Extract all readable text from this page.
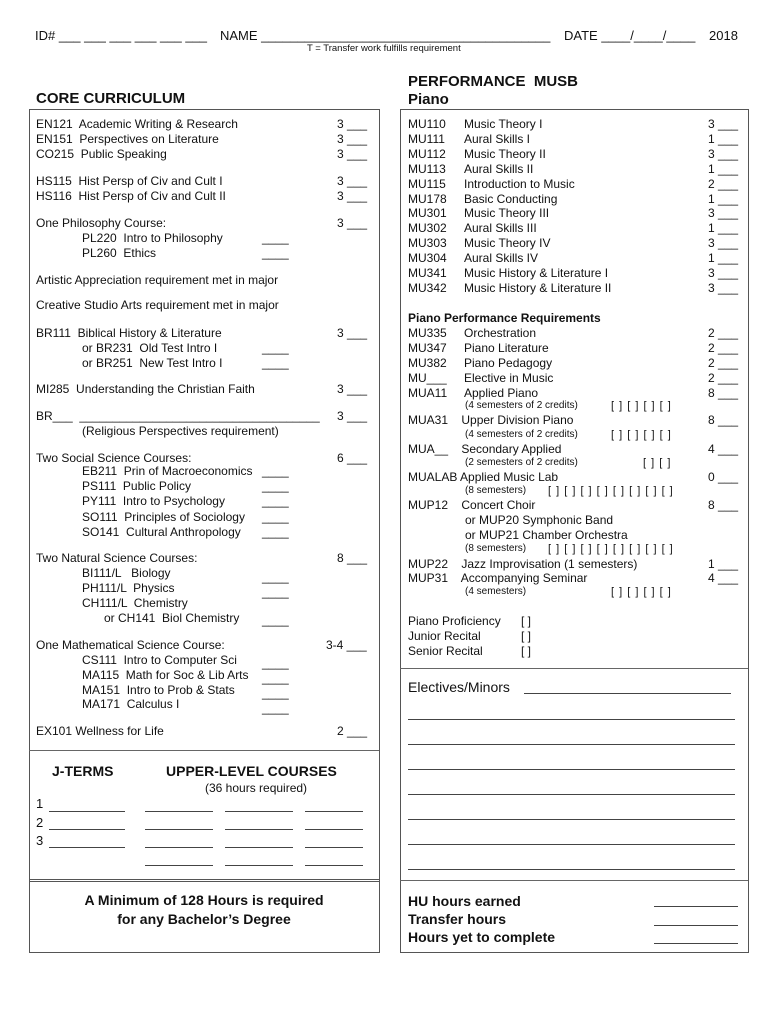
ID# ___ ___ ___ ___ ___ ___ NAME ________________________________________ DATE ____/____/____ 2018
T = Transfer work fulfills requirement
CORE CURRICULUM
PERFORMANCE  MUSB
Piano
EN121 Academic Writing & Research	3 ___
EN151 Perspectives on Literature	3 ___
CO215 Public Speaking	3 ___
HS115 Hist Persp of Civ and Cult I	3 ___
HS116 Hist Persp of Civ and Cult II	3 ___
One Philosophy Course:	3 ___
PL220  Intro to Philosophy	____
PL260  Ethics	____
Artistic Appreciation requirement met in major
Creative Studio Arts requirement met in major
BR111 Biblical History & Literature	3 ___
or BR231  Old Test Intro I	____
or BR251  New Test Intro I	____
MI285 Understanding the Christian Faith	3 ___
BR___  ____________________________________ 3 ___
(Religious Perspectives requirement)
Two Social Science Courses:	6 ___
EB211  Prin of Macroeconomics ____
PS111  Public Policy	____
PY111  Intro to Psychology	____
SO111  Principles of Sociology ____
SO141  Cultural Anthropology ____
Two Natural Science Courses:	8 ___
BI111/L   Biology	____
PH111/L  Physics	____
CH111/L  Chemistry
or CH141  Biol Chemistry ____
One Mathematical Science Course:	3-4 ___
CS111  Intro to Computer Sci ____
MA115  Math for Soc & Lib Arts ____
MA151  Intro to Prob & Stats ____
MA171  Calculus I	____
EX101 Wellness for Life	2 ___
J-TERMS	UPPER-LEVEL COURSES
(36 hours required)
1
2
3
A Minimum of 128 Hours is required
for any Bachelor’s Degree
MU110 Music Theory I	3 ___
MU111 Aural Skills I	1 ___
MU112 Music Theory II	3 ___
MU113 Aural Skills II	1 ___
MU115 Introduction to Music	2 ___
MU178 Basic Conducting	1 ___
MU301 Music Theory III	3 ___
MU302 Aural Skills III	1 ___
MU303 Music Theory IV	3 ___
MU304 Aural Skills IV	1 ___
MU341 Music History & Literature I	3 ___
MU342 Music History & Literature II	3 ___
Piano Performance Requirements
MU335 Orchestration	2 ___
MU347 Piano Literature	2 ___
MU382 Piano Pedagogy	2 ___
MU___ Elective in Music	2 ___
MUA11 Applied Piano	8 ___
(4 semesters of 2 credits)	[ ] [ ] [ ] [ ]
MUA31 Upper Division Piano	8 ___
(4 semesters of 2 credits)	[ ] [ ] [ ] [ ]
MUA__ Secondary Applied	4 ___
(2 semesters of 2 credits)	[ ] [ ]
MUALAB Applied Music Lab	0 ___
(8 semesters) [ ] [ ] [ ] [ ] [ ] [ ] [ ] [ ]
MUP12 Concert Choir	8 ___
or MUP20 Symphonic Band
or MUP21 Chamber Orchestra
(8 semesters) [ ] [ ] [ ] [ ] [ ] [ ] [ ] [ ]
MUP22 Jazz Improvisation (1 semesters)	1 ___
MUP31 Accompanying Seminar	4 ___
(4 semesters)	[ ] [ ] [ ] [ ]
Piano Proficiency [ ]
Junior Recital	[ ]
Senior Recital	[ ]
Electives/Minors
HU hours earned
Transfer hours
Hours yet to complete
